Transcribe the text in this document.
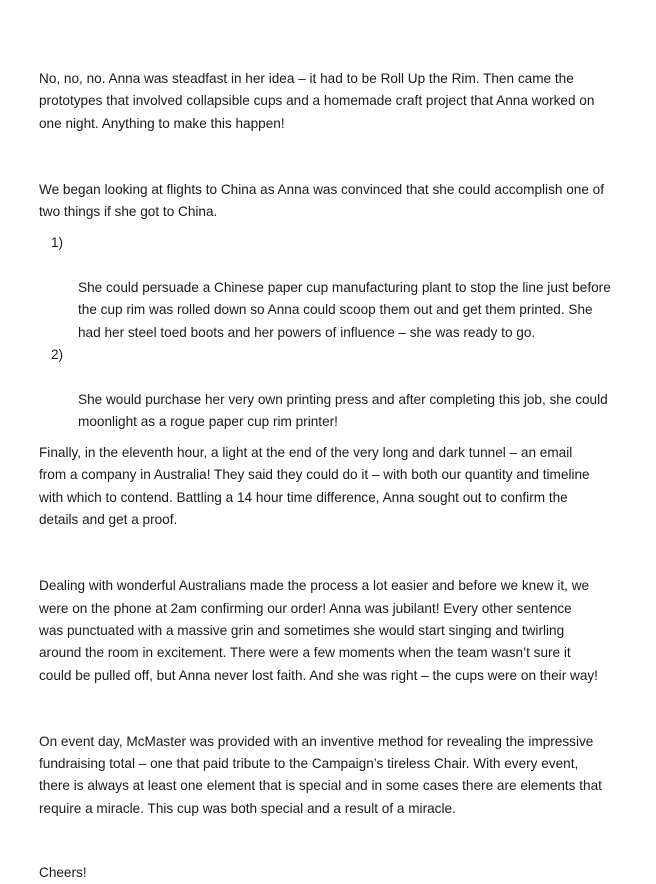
No, no, no. Anna was steadfast in her idea – it had to be Roll Up the Rim. Then came the
prototypes that involved collapsible cups and a homemade craft project that Anna worked on
one night. Anything to make this happen!

We began looking at flights to China as Anna was convinced that she could accomplish one of
two things if she got to China.

1)

She could persuade a Chinese paper cup manufacturing plant to stop the line just before
the cup rim was rolled down so Anna could scoop them out and get them printed. She
had her steel toed boots and her powers of influence – she was ready to go.

2)

She would purchase her very own printing press and after completing this job, she could
moonlight as a rogue paper cup rim printer!

Finally, in the eleventh hour, a light at the end of the very long and dark tunnel – an email
from a company in Australia! They said they could do it – with both our quantity and timeline
with which to contend. Battling a 14 hour time difference, Anna sought out to confirm the
details and get a proof.

Dealing with wonderful Australians made the process a lot easier and before we knew it, we
were on the phone at 2am confirming our order! Anna was jubilant! Every other sentence
was punctuated with a massive grin and sometimes she would start singing and twirling
around the room in excitement. There were a few moments when the team wasn’t sure it
could be pulled off, but Anna never lost faith. And she was right – the cups were on their way!

On event day, McMaster was provided with an inventive method for revealing the impressive
fundraising total – one that paid tribute to the Campaign’s tireless Chair. With every event,
there is always at least one element that is special and in some cases there are elements that
require a miracle. This cup was both special and a result of a miracle.

Cheers!
